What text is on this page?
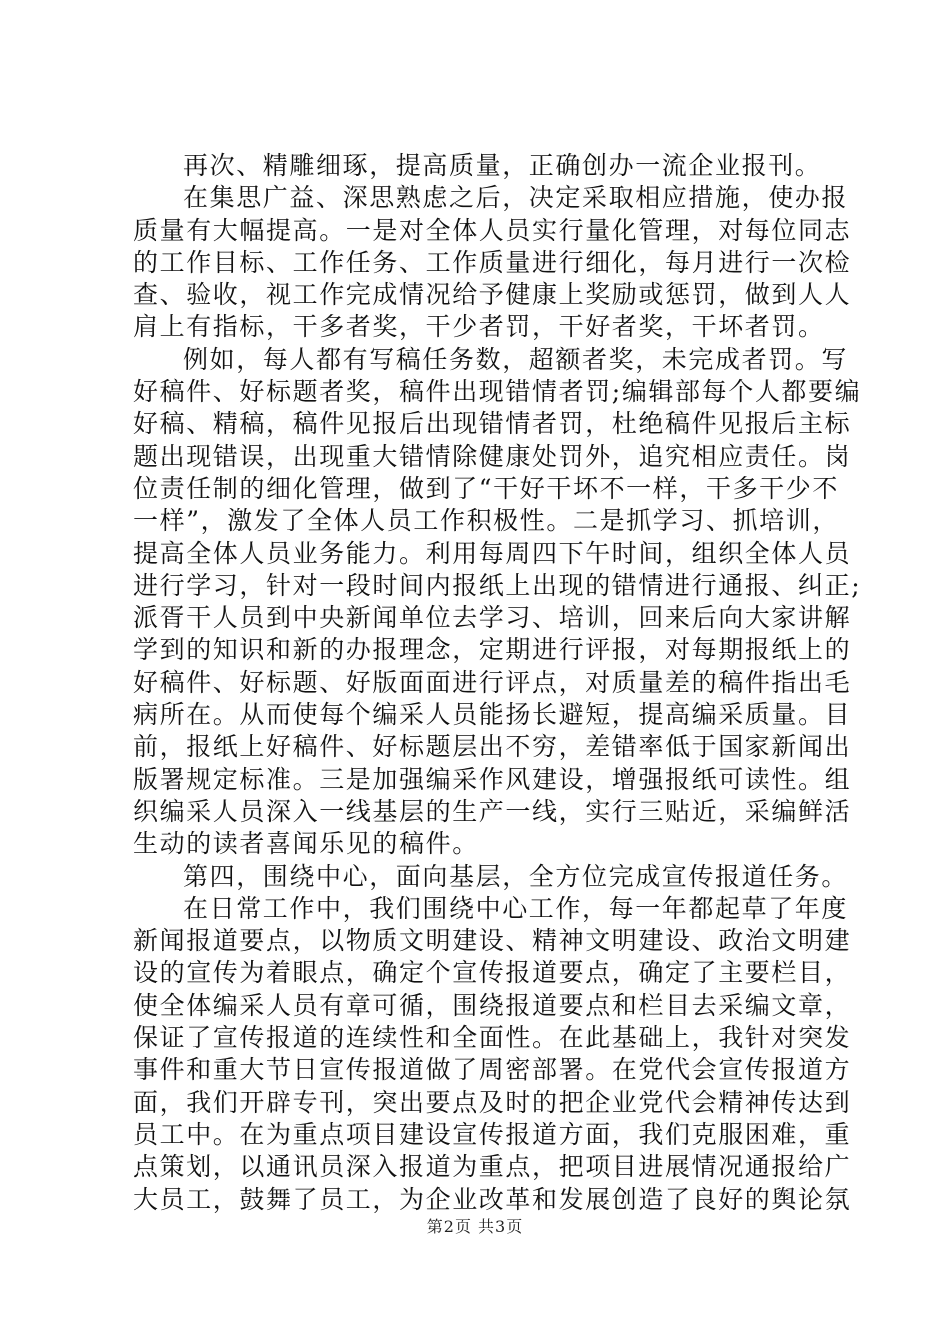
再次、精雕细琢，提高质量，正确创办一流企业报刊。
在集思广益、深思熟虑之后，决定采取相应措施，使办报
质量有大幅提高。一是对全体人员实行量化管理，对每位同志
的工作目标、工作任务、工作质量进行细化，每月进行一次检
查、验收，视工作完成情况给予健康上奖励或惩罚，做到人人
肩上有指标，干多者奖，干少者罚，干好者奖，干坏者罚。
例如，每人都有写稿任务数，超额者奖，未完成者罚。写
好稿件、好标题者奖，稿件出现错情者罚;编辑部每个人都要编
好稿、精稿，稿件见报后出现错情者罚，杜绝稿件见报后主标
题出现错误，出现重大错情除健康处罚外，追究相应责任。岗
位责任制的细化管理，做到了“干好干坏不一样，干多干少不
一样”，激发了全体人员工作积极性。二是抓学习、抓培训，
提高全体人员业务能力。利用每周四下午时间，组织全体人员
进行学习，针对一段时间内报纸上出现的错情进行通报、纠正;
派胥干人员到中央新闻单位去学习、培训，回来后向大家讲解
学到的知识和新的办报理念，定期进行评报，对每期报纸上的
好稿件、好标题、好版面面进行评点，对质量差的稿件指出毛
病所在。从而使每个编采人员能扬长避短，提高编采质量。目
前，报纸上好稿件、好标题层出不穷，差错率低于国家新闻出
版署规定标准。三是加强编采作风建设，增强报纸可读性。组
织编采人员深入一线基层的生产一线，实行三贴近，采编鲜活
生动的读者喜闻乐见的稿件。
第四，围绕中心，面向基层，全方位完成宣传报道任务。
在日常工作中，我们围绕中心工作，每一年都起草了年度
新闻报道要点，以物质文明建设、精神文明建设、政治文明建
设的宣传为着眼点，确定个宣传报道要点，确定了主要栏目，
使全体编采人员有章可循，围绕报道要点和栏目去采编文章，
保证了宣传报道的连续性和全面性。在此基础上，我针对突发
事件和重大节日宣传报道做了周密部署。在党代会宣传报道方
面，我们开辟专刊，突出要点及时的把企业党代会精神传达到
员工中。在为重点项目建设宣传报道方面，我们克服困难，重
点策划，以通讯员深入报道为重点，把项目进展情况通报给广
大员工，鼓舞了员工，为企业改革和发展创造了良好的舆论氛
第2页 共3页
